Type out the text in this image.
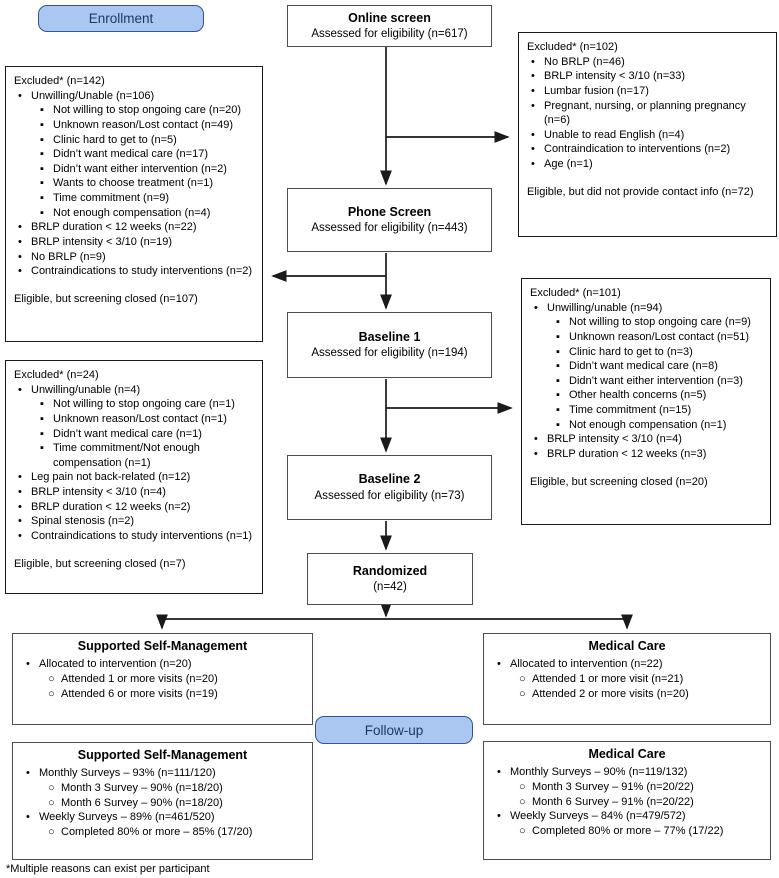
Enrollment
Follow-up
Online screen
Assessed for eligibility (n=617)
Phone Screen
Assessed for eligibility (n=443)
Baseline 1
Assessed for eligibility (n=194)
Baseline 2
Assessed for eligibility (n=73)
Randomized
(n=42)
Excluded* (n=102)
• No BRLP (n=46)
• BRLP intensity < 3/10 (n=33)
• Lumbar fusion (n=17)
• Pregnant, nursing, or planning pregnancy (n=6)
• Unable to read English (n=4)
• Contraindication to interventions (n=2)
• Age (n=1)
Eligible, but did not provide contact info (n=72)
Excluded* (n=142)
• Unwilling/Unable (n=106)
▪ Not willing to stop ongoing care (n=20)
▪ Unknown reason/Lost contact (n=49)
▪ Clinic hard to get to (n=5)
▪ Didn’t want medical care (n=17)
▪ Didn’t want either intervention (n=2)
▪ Wants to choose treatment (n=1)
▪ Time commitment (n=9)
▪ Not enough compensation (n=4)
• BRLP duration < 12 weeks (n=22)
• BRLP intensity < 3/10 (n=19)
• No BRLP (n=9)
• Contraindications to study interventions (n=2)
Eligible, but screening closed (n=107)	Excluded* (n=101)
• Unwilling/unable (n=94)
▪ Not willing to stop ongoing care (n=9)
▪ Unknown reason/Lost contact (n=51)
▪ Clinic hard to get to (n=3)
▪ Didn’t want medical care (n=8)
▪ Didn’t want either intervention (n=3)
▪ Other health concerns (n=5)
▪ Time commitment (n=15)
▪ Not enough compensation (n=1)
• BRLP intensity < 3/10 (n=4)
• BRLP duration < 12 weeks (n=3)
Eligible, but screening closed (n=20)
Excluded* (n=24)
• Unwilling/unable (n=4)
▪ Not willing to stop ongoing care (n=1)
▪ Unknown reason/Lost contact (n=1)
▪ Didn’t want medical care (n=1)
▪ Time commitment/Not enough compensation (n=1)
• Leg pain not back-related (n=12)
• BRLP intensity < 3/10 (n=4)
• BRLP duration < 12 weeks (n=2)
• Spinal stenosis (n=2)
• Contraindications to study interventions (n=1)
Eligible, but screening closed (n=7)
Supported Self-Management
• Allocated to intervention (n=20)
○ Attended 1 or more visits (n=20)
○ Attended 6 or more visits (n=19)
Medical Care
• Allocated to intervention (n=22)
○ Attended 1 or more visit (n=21)
○ Attended 2 or more visits (n=20)
Supported Self-Management
• Monthly Surveys – 93% (n=111/120)
○ Month 3 Survey – 90% (n=18/20)
○ Month 6 Survey – 90% (n=18/20)
• Weekly Surveys – 89% (n=461/520)
○ Completed 80% or more – 85% (17/20)
Medical Care
• Monthly Surveys – 90% (n=119/132)
○ Month 3 Survey – 91% (n=20/22)
○ Month 6 Survey – 91% (n=20/22)
• Weekly Surveys – 84% (n=479/572)
○ Completed 80% or more – 77% (17/22)
*Multiple reasons can exist per participant
